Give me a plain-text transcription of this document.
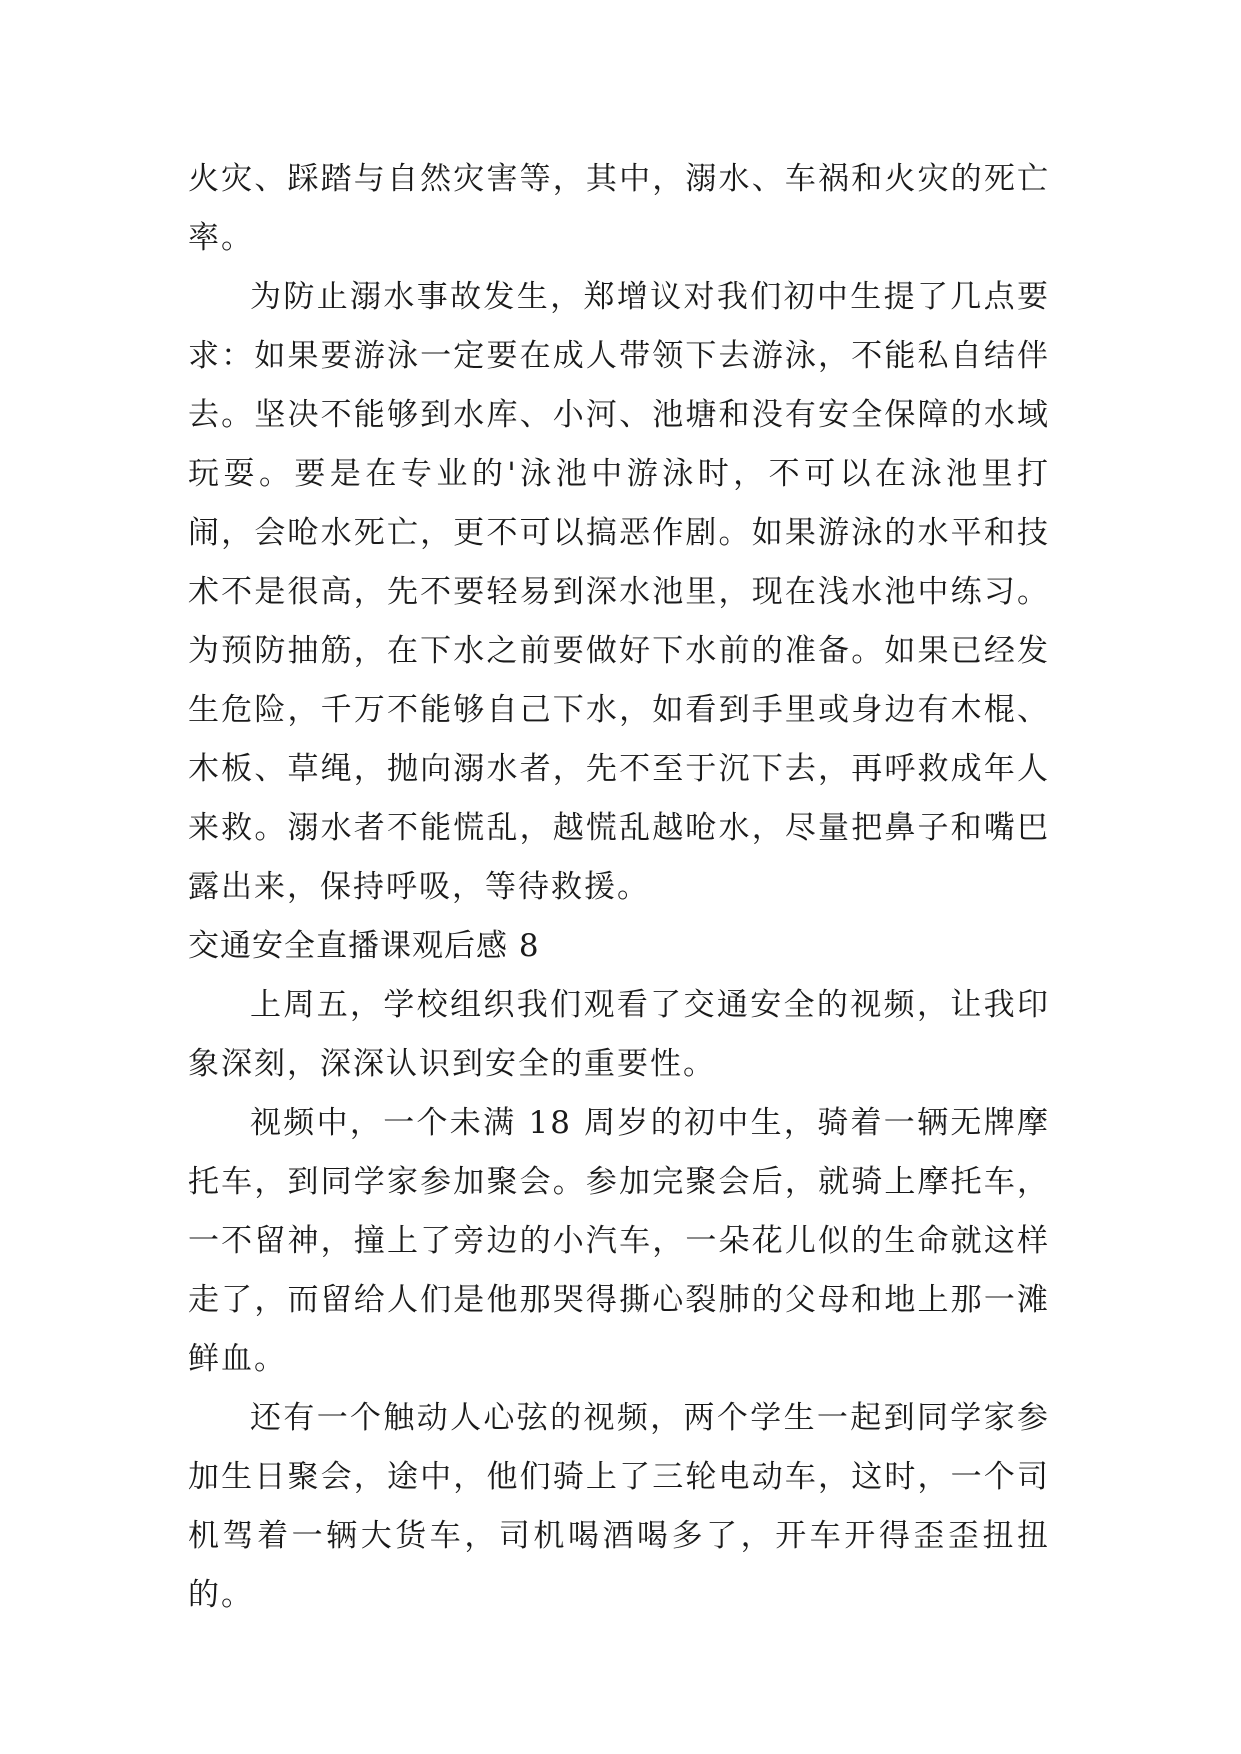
火灾、踩踏与自然灾害等，其中，溺水、车祸和火灾的死亡率。

为防止溺水事故发生，郑增议对我们初中生提了几点要求：如果要游泳一定要在成人带领下去游泳，不能私自结伴去。坚决不能够到水库、小河、池塘和没有安全保障的水域玩耍。要是在专业的'泳池中游泳时，不可以在泳池里打闹，会呛水死亡，更不可以搞恶作剧。如果游泳的水平和技术不是很高，先不要轻易到深水池里，现在浅水池中练习。为预防抽筋，在下水之前要做好下水前的准备。如果已经发生危险，千万不能够自己下水，如看到手里或身边有木棍、木板、草绳，抛向溺水者，先不至于沉下去，再呼救成年人来救。溺水者不能慌乱，越慌乱越呛水，尽量把鼻子和嘴巴露出来，保持呼吸，等待救援。

交通安全直播课观后感 8

上周五，学校组织我们观看了交通安全的视频，让我印象深刻，深深认识到安全的重要性。

视频中，一个未满 18 周岁的初中生，骑着一辆无牌摩托车，到同学家参加聚会。参加完聚会后，就骑上摩托车，一不留神，撞上了旁边的小汽车，一朵花儿似的生命就这样走了，而留给人们是他那哭得撕心裂肺的父母和地上那一滩鲜血。

还有一个触动人心弦的视频，两个学生一起到同学家参加生日聚会，途中，他们骑上了三轮电动车，这时，一个司机驾着一辆大货车，司机喝酒喝多了，开车开得歪歪扭扭的。
